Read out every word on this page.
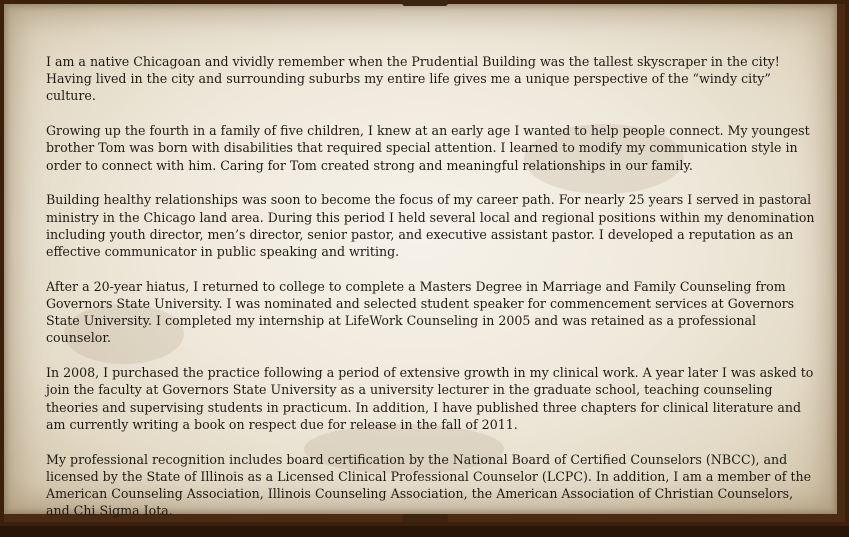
I am a native Chicagoan and vividly remember when the Prudential Building was the tallest skyscraper in the city! Having lived in the city and surrounding suburbs my entire life gives me a unique perspective of the “windy city” culture.

Growing up the fourth in a family of five children, I knew at an early age I wanted to help people connect. My youngest brother Tom was born with disabilities that required special attention. I learned to modify my communication style in order to connect with him. Caring for Tom created strong and meaningful relationships in our family.

Building healthy relationships was soon to become the focus of my career path. For nearly 25 years I served in pastoral ministry in the Chicago land area. During this period I held several local and regional positions within my denomination including youth director, men’s director, senior pastor, and executive assistant pastor. I developed a reputation as an effective communicator in public speaking and writing.

After a 20-year hiatus, I returned to college to complete a Masters Degree in Marriage and Family Counseling from Governors State University. I was nominated and selected student speaker for commencement services at Governors State University. I completed my internship at LifeWork Counseling in 2005 and was retained as a professional counselor.

In 2008, I purchased the practice following a period of extensive growth in my clinical work. A year later I was asked to join the faculty at Governors State University as a university lecturer in the graduate school, teaching counseling theories and supervising students in practicum. In addition, I have published three chapters for clinical literature and am currently writing a book on respect due for release in the fall of 2011.

My professional recognition includes board certification by the National Board of Certified Counselors (NBCC), and licensed by the State of Illinois as a Licensed Clinical Professional Counselor (LCPC). In addition, I am a member of the American Counseling Association, Illinois Counseling Association, the American Association of Christian Counselors, and Chi Sigma Iota.
